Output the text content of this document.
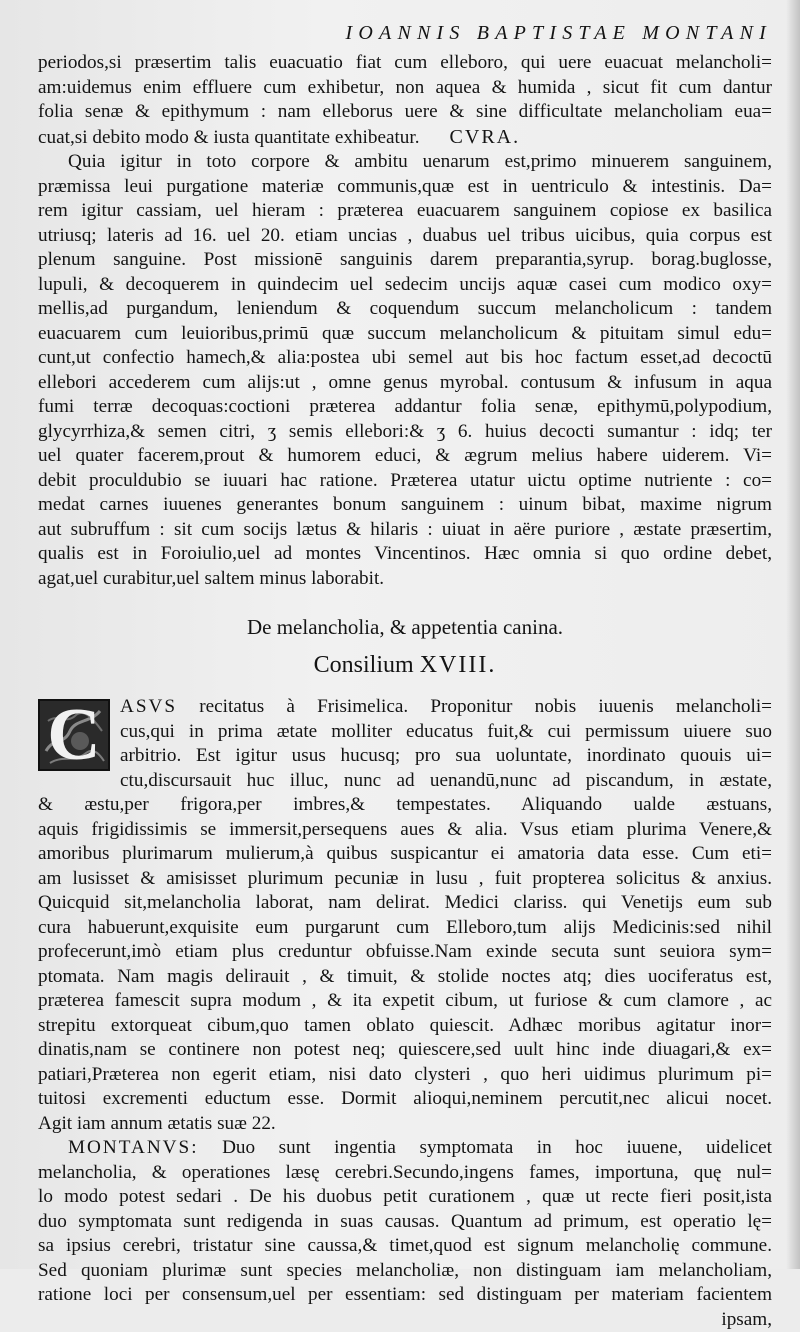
IOANNIS BAPTISTAE MONTANI

periodos,si præsertim talis euacuatio fiat cum elleboro, qui uere euacuat melancholi=

am:uidemus enim effluere cum exhibetur, non aquea & humida , sicut fit cum dantur

folia senæ & epithymum : nam elleborus uere & sine difficultate melancholiam eua=

cuat,si debito modo & iusta quantitate exhibeatur. CVRA.

Quia igitur in toto corpore & ambitu uenarum est,primo minuerem sanguinem,

præmissa leui purgatione materiæ communis,quæ est in uentriculo & intestinis. Da=

rem igitur cassiam, uel hieram : præterea euacuarem sanguinem copiose ex basilica

utriusq; lateris ad 16. uel 20. etiam uncias , duabus uel tribus uicibus, quia corpus est

plenum sanguine. Post missionē sanguinis darem preparantia,syrup. borag.buglosse,

lupuli, & decoquerem in quindecim uel sedecim uncijs aquæ casei cum modico oxy=

mellis,ad purgandum, leniendum & coquendum succum melancholicum : tandem

euacuarem cum leuioribus,primū quæ succum melancholicum & pituitam simul edu=

cunt,ut confectio hamech,& alia:postea ubi semel aut bis hoc factum esset,ad decoctū

ellebori accederem cum alijs:ut , omne genus myrobal. contusum & infusum in aqua

fumi terræ decoquas:coctioni præterea addantur folia senæ, epithymū,polypodium,

glycyrrhiza,& semen citri, ʒ semis ellebori:& ʒ 6. huius decocti sumantur : idq; ter

uel quater facerem,prout & humorem educi, & ægrum melius habere uiderem. Vi=

debit proculdubio se iuuari hac ratione. Præterea utatur uictu optime nutriente : co=

medat carnes iuuenes generantes bonum sanguinem : uinum bibat, maxime nigrum

aut subruffum : sit cum socijs lætus & hilaris : uiuat in aëre puriore , æstate præsertim,

qualis est in Foroiulio,uel ad montes Vincentinos. Hæc omnia si quo ordine debet,

agat,uel curabitur,uel saltem minus laborabit.

De melancholia, & appetentia canina.
Consilium XVIII.
C	ASVS recitatus à Frisimelica. Proponitur nobis iuuenis melancholi=

cus,qui in prima ætate molliter educatus fuit,& cui permissum uiuere suo

arbitrio. Est igitur usus hucusq; pro sua uoluntate, inordinato quouis ui=

ctu,discursauit huc illuc, nunc ad uenandū,nunc ad piscandum, in æstate,

& æstu,per frigora,per imbres,& tempestates. Aliquando ualde æstuans,

aquis frigidissimis se immersit,persequens aues & alia. Vsus etiam plurima Venere,&

amoribus plurimarum mulierum,à quibus suspicantur ei amatoria data esse. Cum eti=

am lusisset & amisisset plurimum pecuniæ in lusu , fuit propterea solicitus & anxius.

Quicquid sit,melancholia laborat, nam delirat. Medici clariss. qui Venetijs eum sub

cura habuerunt,exquisite eum purgarunt cum Elleboro,tum alijs Medicinis:sed nihil

profecerunt,imò etiam plus creduntur obfuisse.Nam exinde secuta sunt seuiora sym=

ptomata. Nam magis delirauit , & timuit, & stolide noctes atq; dies uociferatus est,

præterea famescit supra modum , & ita expetit cibum, ut furiose & cum clamore , ac

strepitu extorqueat cibum,quo tamen oblato quiescit. Adhæc moribus agitatur inor=

dinatis,nam se continere non potest neq; quiescere,sed uult hinc inde diuagari,& ex=

patiari,Præterea non egerit etiam, nisi dato clysteri , quo heri uidimus plurimum pi=

tuitosi excrementi eductum esse. Dormit alioqui,neminem percutit,nec alicui nocet.

Agit iam annum ætatis suæ 22.

MONTANVS: Duo sunt ingentia symptomata in hoc iuuene, uidelicet

melancholia, & operationes læsę cerebri.Secundo,ingens fames, importuna, quę nul=

lo modo potest sedari . De his duobus petit curationem , quæ ut recte fieri posit,ista

duo symptomata sunt redigenda in suas causas. Quantum ad primum, est operatio lę=

sa ipsius cerebri, tristatur sine caussa,& timet,quod est signum melancholię commune.

Sed quoniam plurimæ sunt species melancholiæ, non distinguam iam melancholiam,

ratione loci per consensum,uel per essentiam: sed distinguam per materiam facientem

ipsam,
